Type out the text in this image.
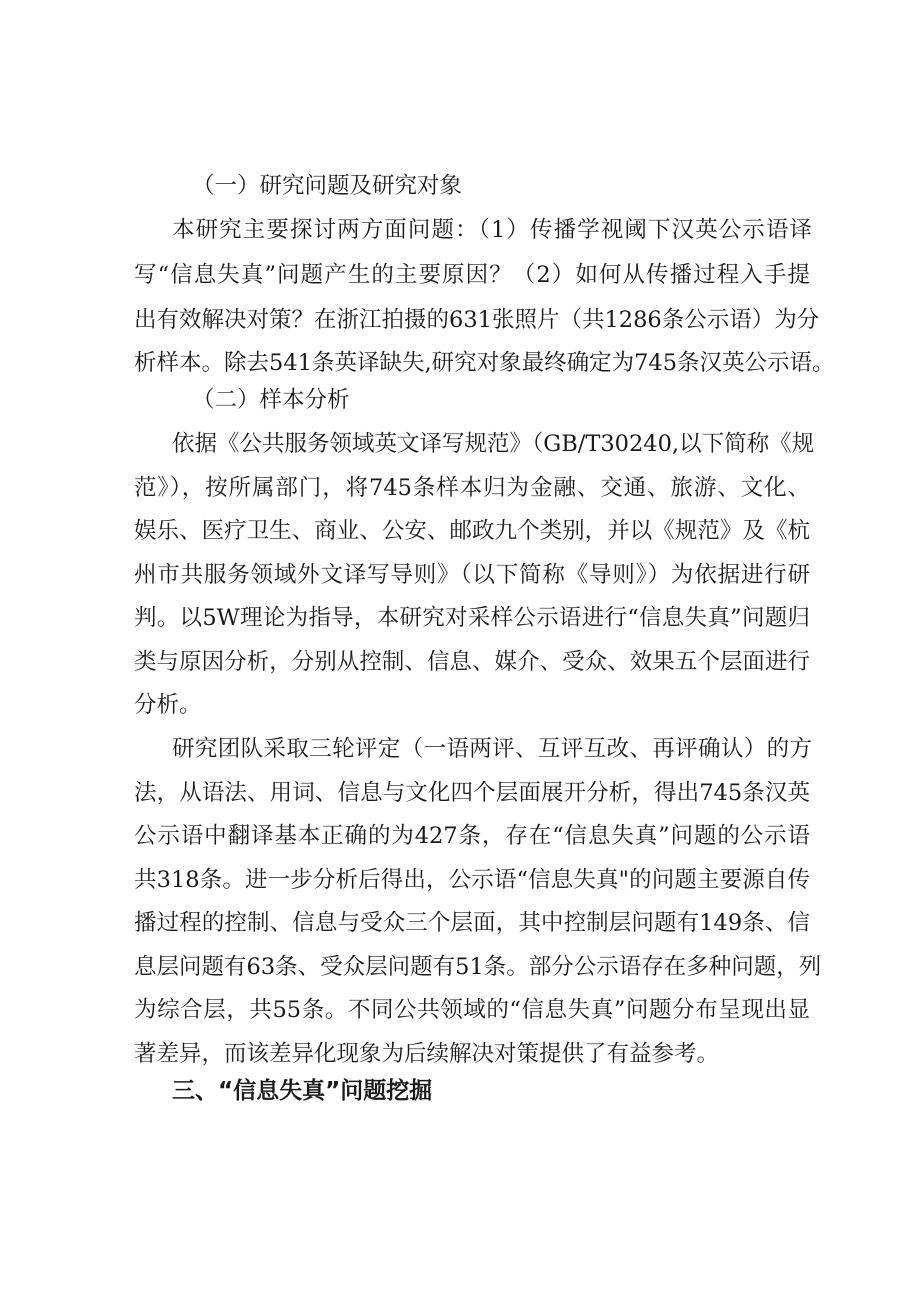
（一）研究问题及研究对象
本研究主要探讨两方面问题：（1）传播学视阈下汉英公示语译
写“信息失真”问题产生的主要原因？（2）如何从传播过程入手提
出有效解决对策？在浙江拍摄的631张照片（共1286条公示语）为分
析样本。除去541条英译缺失,研究对象最终确定为745条汉英公示语。
（二）样本分析
依据《公共服务领域英文译写规范》（GB/T30240,以下简称《规
范》），按所属部门，将745条样本归为金融、交通、旅游、文化、
娱乐、医疗卫生、商业、公安、邮政九个类别，并以《规范》及《杭
州市共服务领域外文译写导则》（以下简称《导则》）为依据进行研
判。以5W理论为指导，本研究对采样公示语进行“信息失真”问题归
类与原因分析，分别从控制、信息、媒介、受众、效果五个层面进行
分析。
研究团队采取三轮评定（一语两评、互评互改、再评确认）的方
法，从语法、用词、信息与文化四个层面展开分析，得出745条汉英
公示语中翻译基本正确的为427条，存在“信息失真”问题的公示语
共318条。进一步分析后得出，公示语“信息失真"的问题主要源自传
播过程的控制、信息与受众三个层面，其中控制层问题有149条、信
息层问题有63条、受众层问题有51条。部分公示语存在多种问题，列
为综合层，共55条。不同公共领域的“信息失真”问题分布呈现出显
著差异，而该差异化现象为后续解决对策提供了有益参考。
三、“信息失真”问题挖掘
